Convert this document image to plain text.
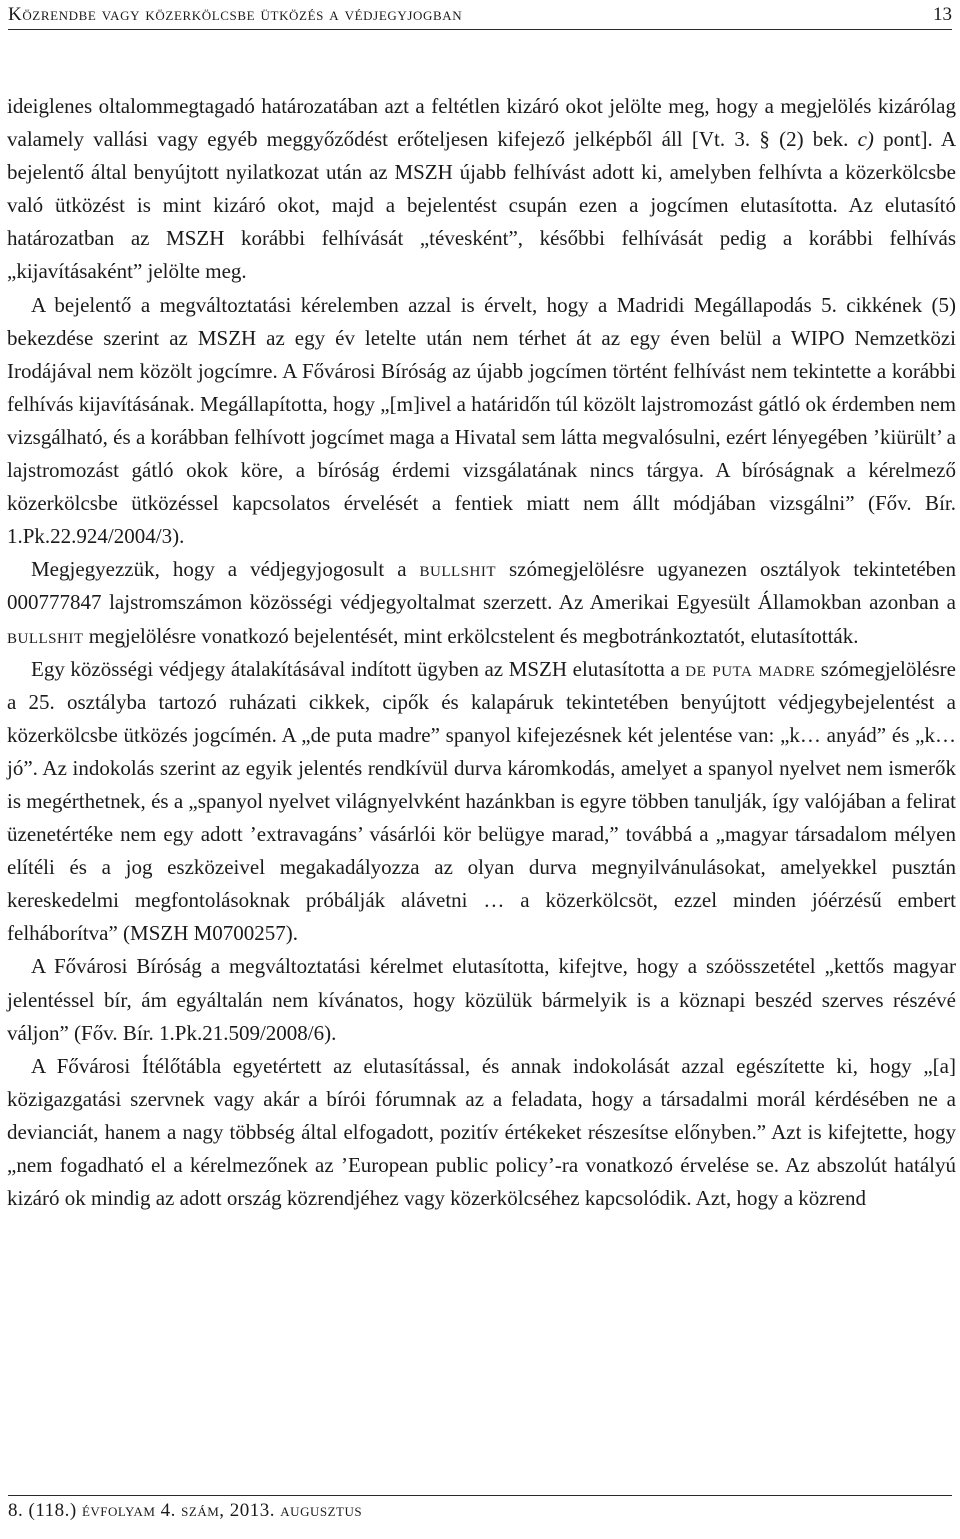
Közrendbe vagy közerkölcsbe ütközés a védjegyjogban	13

ideiglenes oltalommegtagadó határozatában azt a feltétlen kizáró okot jelölte meg, hogy a megjelölés kizárólag valamely vallási vagy egyéb meggyőződést erőteljesen kifejező jelképből áll [Vt. 3. § (2) bek. c) pont]. A bejelentő által benyújtott nyilatkozat után az MSZH újabb felhívást adott ki, amelyben felhívta a közerkölcsbe való ütközést is mint kizáró okot, majd a bejelentést csupán ezen a jogcímen elutasította. Az elutasító határozatban az MSZH korábbi felhívását „tévesként”, későbbi felhívását pedig a korábbi felhívás „kijavításaként” jelölte meg.

A bejelentő a megváltoztatási kérelemben azzal is érvelt, hogy a Madridi Megállapodás 5. cikkének (5) bekezdése szerint az MSZH az egy év letelte után nem térhet át az egy éven belül a WIPO Nemzetközi Irodájával nem közölt jogcímre. A Fővárosi Bíróság az újabb jogcímen történt felhívást nem tekintette a korábbi felhívás kijavításának. Megállapította, hogy „[m]ivel a határidőn túl közölt lajstromozást gátló ok érdemben nem vizsgálható, és a korábban felhívott jogcímet maga a Hivatal sem látta megvalósulni, ezért lényegében ’kiürült’ a lajstromozást gátló okok köre, a bíróság érdemi vizsgálatának nincs tárgya. A bíróságnak a kérelmező közerkölcsbe ütközéssel kapcsolatos érvelését a fentiek miatt nem állt módjában vizsgálni” (Főv. Bír. 1.Pk.22.924/2004/3).

Megjegyezzük, hogy a védjegyjogosult a bullshit szómegjelölésre ugyanezen osztályok tekintetében 000777847 lajstromszámon közösségi védjegyoltalmat szerzett. Az Amerikai Egyesült Államokban azonban a bullshit megjelölésre vonatkozó bejelentését, mint erkölcstelent és megbotránkoztatót, elutasították.

Egy közösségi védjegy átalakításával indított ügyben az MSZH elutasította a de puta madre szómegjelölésre a 25. osztályba tartozó ruházati cikkek, cipők és kalapáruk tekintetében benyújtott védjegybejelentést a közerkölcsbe ütközés jogcímén. A „de puta madre” spanyol kifejezésnek két jelentése van: „k… anyád” és „k… jó”. Az indokolás szerint az egyik jelentés rendkívül durva káromkodás, amelyet a spanyol nyelvet nem ismerők is megérthetnek, és a „spanyol nyelvet világnyelvként hazánkban is egyre többen tanulják, így valójában a felirat üzenetértéke nem egy adott ’extravagáns’ vásárlói kör belügye marad,” továbbá a „magyar társadalom mélyen elítéli és a jog eszközeivel megakadályozza az olyan durva megnyilvánulásokat, amelyekkel pusztán kereskedelmi megfontolásoknak próbálják alávetni … a közerkölcsöt, ezzel minden jóérzésű embert felháborítva” (MSZH M0700257).

A Fővárosi Bíróság a megváltoztatási kérelmet elutasította, kifejtve, hogy a szóösszetétel „kettős magyar jelentéssel bír, ám egyáltalán nem kívánatos, hogy közülük bármelyik is a köznapi beszéd szerves részévé váljon” (Főv. Bír. 1.Pk.21.509/2008/6).

A Fővárosi Ítélőtábla egyetértett az elutasítással, és annak indokolását azzal egészítette ki, hogy „[a] közigazgatási szervnek vagy akár a bírói fórumnak az a feladata, hogy a társadalmi morál kérdésében ne a devianciát, hanem a nagy többség által elfogadott, pozitív értékeket részesítse előnyben.” Azt is kifejtette, hogy „nem fogadható el a kérelmezőnek az ’European public policy’-ra vonatkozó érvelése se. Az abszolút hatályú kizáró ok mindig az adott ország közrendjéhez vagy közerkölcséhez kapcsolódik. Azt, hogy a közrend

8. (118.) évfolyam 4. szám, 2013. augusztus
